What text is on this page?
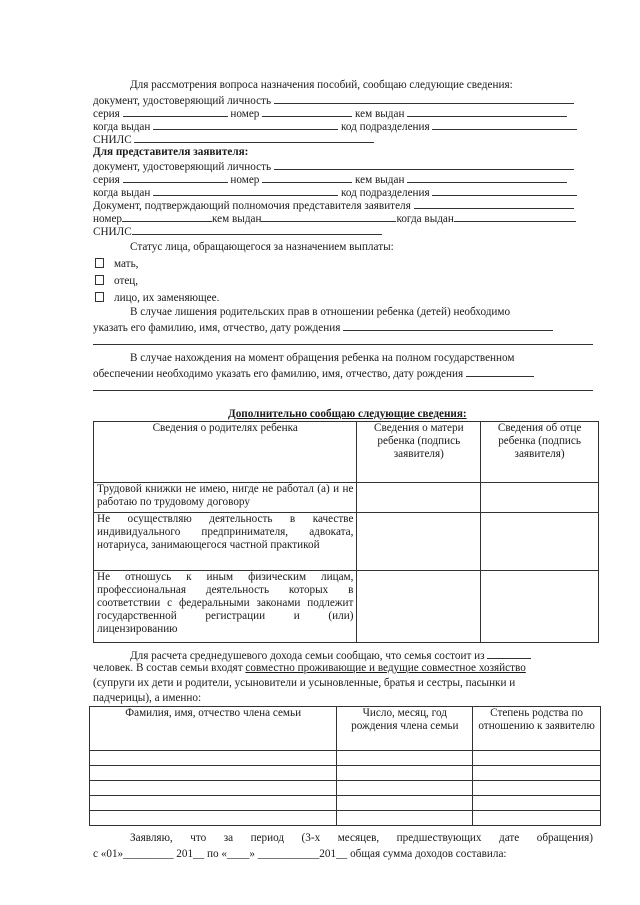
Для рассмотрения вопроса назначения пособий, сообщаю следующие сведения:
документ, удостоверяющий личность
серия	номер	кем выдан
когда выдан	код подразделения
СНИЛС
Для представителя заявителя:
документ, удостоверяющий личность
серия	номер	кем выдан
когда выдан	код подразделения
Документ, подтверждающий полномочия представителя заявителя
номер	кем выдан	когда выдан
СНИЛС
Статус лица, обращающегося за назначением выплаты:
мать,
отец,
лицо, их заменяющее.
В случае лишения родительских прав в отношении ребенка (детей) необходимо
указать его фамилию, имя, отчество, дату рождения
В случае нахождения на момент обращения ребенка на полном государственном
обеспечении необходимо указать его фамилию, имя, отчество, дату рождения
Дополнительно сообщаю следующие сведения:
Сведения о родителях ребенка	Сведения о матери ребенка (подпись заявителя)	Сведения об отце ребенка (подпись заявителя)
Трудовой книжки не имею, нигде не работал (а) и не работаю по трудовому договору		
Не осуществляю деятельность в качестве индивидуального предпринимателя, адвоката, нотариуса, занимающегося частной практикой		
Не отношусь к иным физическим лицам, профессиональная деятельность которых в соответствии с федеральными законами подлежит государственной регистрации и (или) лицензированию		
Для расчета среднедушевого дохода семьи сообщаю, что семья состоит из
человек. В состав семьи входят совместно проживающие и ведущие совместное хозяйство
(супруги их дети и родители, усыновители и усыновленные, братья и сестры, пасынки и
падчерицы), а именно:
Фамилия, имя, отчество члена семьи	Число, месяц, год рождения члена семьи	Степень родства по отношению к заявителю

Заявляю, что за период (3-х месяцев, предшествующих дате обращения)
с «01»_________ 201__ по «____» ___________201__ общая сумма доходов составила:
